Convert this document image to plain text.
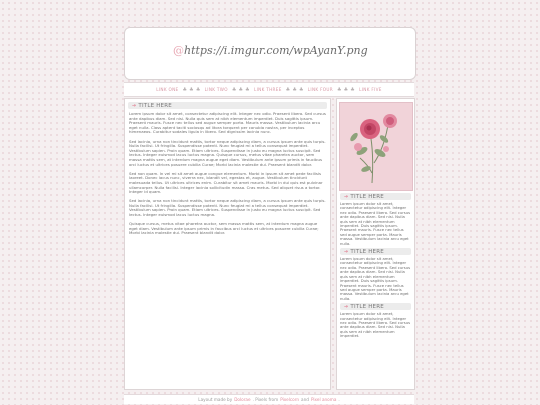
@https://i.imgur.com/wpAyanY.png
LINK ONE ♣ ♣ ♣ LINK TWO ♣ ♣ ♣ LINK THREE ♣ ♣ ♣ LINK FOUR ♣ ♣ ♣ LINK FIVE
➔ TITLE HERE

Lorem ipsum dolor sit amet, consectetur adipiscing elit. Integer nec odio. Praesent libero. Sed cursus ante dapibus diam. Sed nisi. Nulla quis sem at nibh elementum imperdiet. Duis sagittis ipsum. Praesent mauris. Fusce nec tellus sed augue semper porta. Mauris massa. Vestibulum lacinia arcu eget nulla. Class aptent taciti sociosqu ad litora torquent per conubia nostra, per inceptos himenaeos. Curabitur sodales ligula in libero. Sed dignissim lacinia nunc.

Sed lacinia, urna non tincidunt mattis, tortor neque adipiscing diam, a cursus ipsum ante quis turpis. Nulla facilisi. Ut fringilla. Suspendisse potenti. Nunc feugiat mi a tellus consequat imperdiet. Vestibulum sapien. Proin quam. Etiam ultrices. Suspendisse in justo eu magna luctus suscipit. Sed lectus. Integer euismod lacus luctus magna. Quisque cursus, metus vitae pharetra auctor, sem massa mattis sem, at interdum magna augue eget diam. Vestibulum ante ipsum primis in faucibus orci luctus et ultrices posuere cubilia Curae; Morbi lacinia molestie dui. Praesent blandit dolor.

Sed non quam. In vel mi sit amet augue congue elementum. Morbi in ipsum sit amet pede facilisis laoreet. Donec lacus nunc, viverra nec, blandit vel, egestas et, augue. Vestibulum tincidunt malesuada tellus. Ut ultrices ultrices enim. Curabitur sit amet mauris. Morbi in dui quis est pulvinar ullamcorper. Nulla facilisi. Integer lacinia sollicitudin massa. Cras metus. Sed aliquet risus a tortor. Integer id quam.

Sed lacinia, urna non tincidunt mattis, tortor neque adipiscing diam, a cursus ipsum ante quis turpis. Nulla facilisi. Ut fringilla. Suspendisse potenti. Nunc feugiat mi a tellus consequat imperdiet. Vestibulum sapien. Proin quam. Etiam ultrices. Suspendisse in justo eu magna luctus suscipit. Sed lectus. Integer euismod lacus luctus magna.

Quisque cursus, metus vitae pharetra auctor, sem massa mattis sem, at interdum magna augue eget diam. Vestibulum ante ipsum primis in faucibus orci luctus et ultrices posuere cubilia Curae; Morbi lacinia molestie dui. Praesent blandit dolor.

➔ TITLE HERE
Lorem ipsum dolor sit amet, consectetur adipiscing elit. Integer nec odio. Praesent libero. Sed cursus ante dapibus diam. Sed nisi. Nulla quis sem at nibh elementum imperdiet. Duis sagittis ipsum. Praesent mauris. Fusce nec tellus sed augue semper porta. Mauris massa. Vestibulum lacinia arcu eget nulla.
➔ TITLE HERE
Lorem ipsum dolor sit amet, consectetur adipiscing elit. Integer nec odio. Praesent libero. Sed cursus ante dapibus diam. Sed nisi. Nulla quis sem at nibh elementum imperdiet. Duis sagittis ipsum. Praesent mauris. Fusce nec tellus sed augue semper porta. Mauris massa. Vestibulum lacinia arcu eget nulla.
➔ TITLE HERE
Lorem ipsum dolor sit amet, consectetur adipiscing elit. Integer nec odio. Praesent libero. Sed cursus ante dapibus diam. Sed nisi. Nulla quis sem at nibh elementum imperdiet.
Layout made by Dolorae . Pixels from Pixelcorn and Pixel anoma .
